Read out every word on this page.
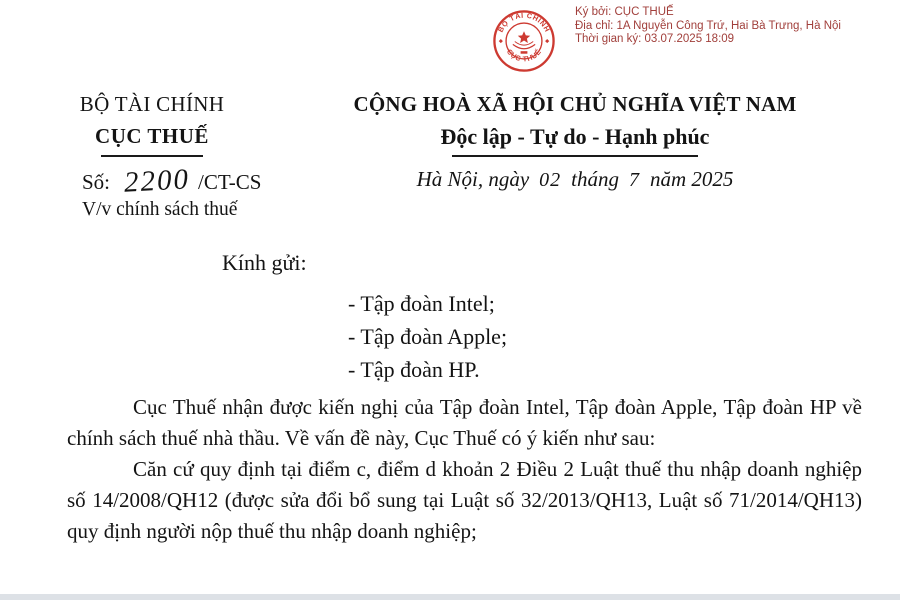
Ký bởi: CỤC THUẾ
Địa chỉ: 1A Nguyễn Công Trứ, Hai Bà Trưng, Hà Nội
Thời gian ký: 03.07.2025 18:09
BỘ TÀI CHÍNH
CỤC THUẾ
BỘ TÀI CHÍNH
CỤC THUẾ
CỘNG HOÀ XÃ HỘI CHỦ NGHĨA VIỆT NAM
Độc lập - Tự do - Hạnh phúc
Số: 2200 /CT-CS
V/v chính sách thuế
Hà Nội, ngày 02 tháng 7 năm 2025
Kính gửi:
- Tập đoàn Intel;
- Tập đoàn Apple;
- Tập đoàn HP.

Cục Thuế nhận được kiến nghị của Tập đoàn Intel, Tập đoàn Apple, Tập đoàn HP về chính sách thuế nhà thầu. Về vấn đề này, Cục Thuế có ý kiến như sau:

Căn cứ quy định tại điểm c, điểm d khoản 2 Điều 2 Luật thuế thu nhập doanh nghiệp số 14/2008/QH12 (được sửa đổi bổ sung tại Luật số 32/2013/QH13, Luật số 71/2014/QH13) quy định người nộp thuế thu nhập doanh nghiệp;
